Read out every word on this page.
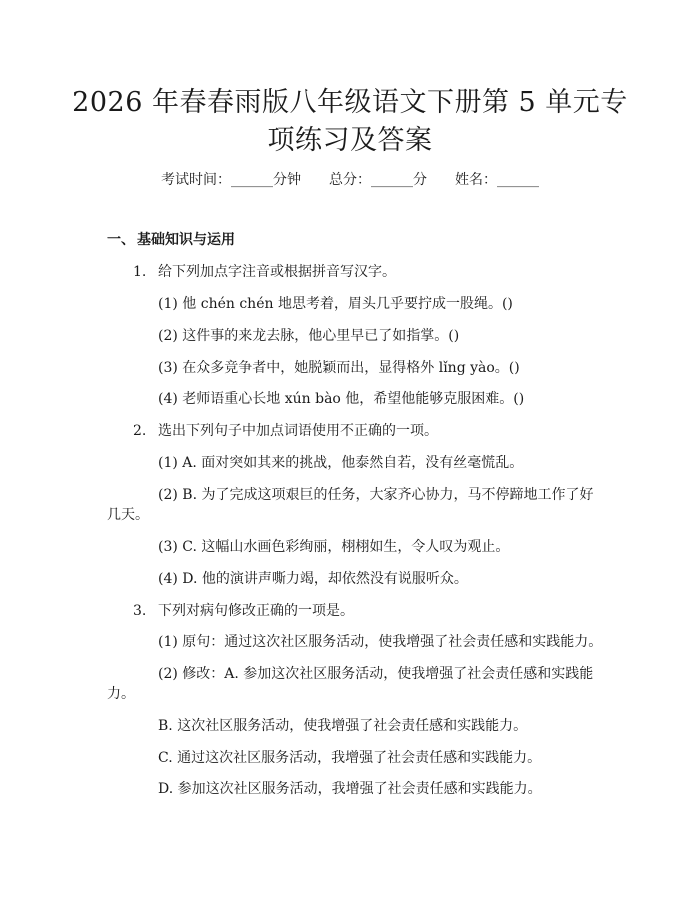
2026 年春春雨版八年级语文下册第 5 单元专
项练习及答案
考试时间：______分钟 总分：______分 姓名：______
一、 基础知识与运用
1. 给下列加点字注音或根据拼音写汉字。
(1) 他 chén chén 地思考着，眉头几乎要拧成一股绳。()
(2) 这件事的来龙去脉，他心里早已了如指掌。()
(3) 在众多竞争者中，她脱颖而出，显得格外 lǐng yào。()
(4) 老师语重心长地 xún bào 他，希望他能够克服困难。()
2. 选出下列句子中加点词语使用不正确的一项。
(1) A. 面对突如其来的挑战，他泰然自若，没有丝毫慌乱。
(2) B. 为了完成这项艰巨的任务，大家齐心协力，马不停蹄地工作了好
几天。
(3) C. 这幅山水画色彩绚丽，栩栩如生，令人叹为观止。
(4) D. 他的演讲声嘶力竭，却依然没有说服听众。
3. 下列对病句修改正确的一项是。
(1) 原句：通过这次社区服务活动，使我增强了社会责任感和实践能力。
(2) 修改：A. 参加这次社区服务活动，使我增强了社会责任感和实践能
力。
B. 这次社区服务活动，使我增强了社会责任感和实践能力。
C. 通过这次社区服务活动，我增强了社会责任感和实践能力。
D. 参加这次社区服务活动，我增强了社会责任感和实践能力。
